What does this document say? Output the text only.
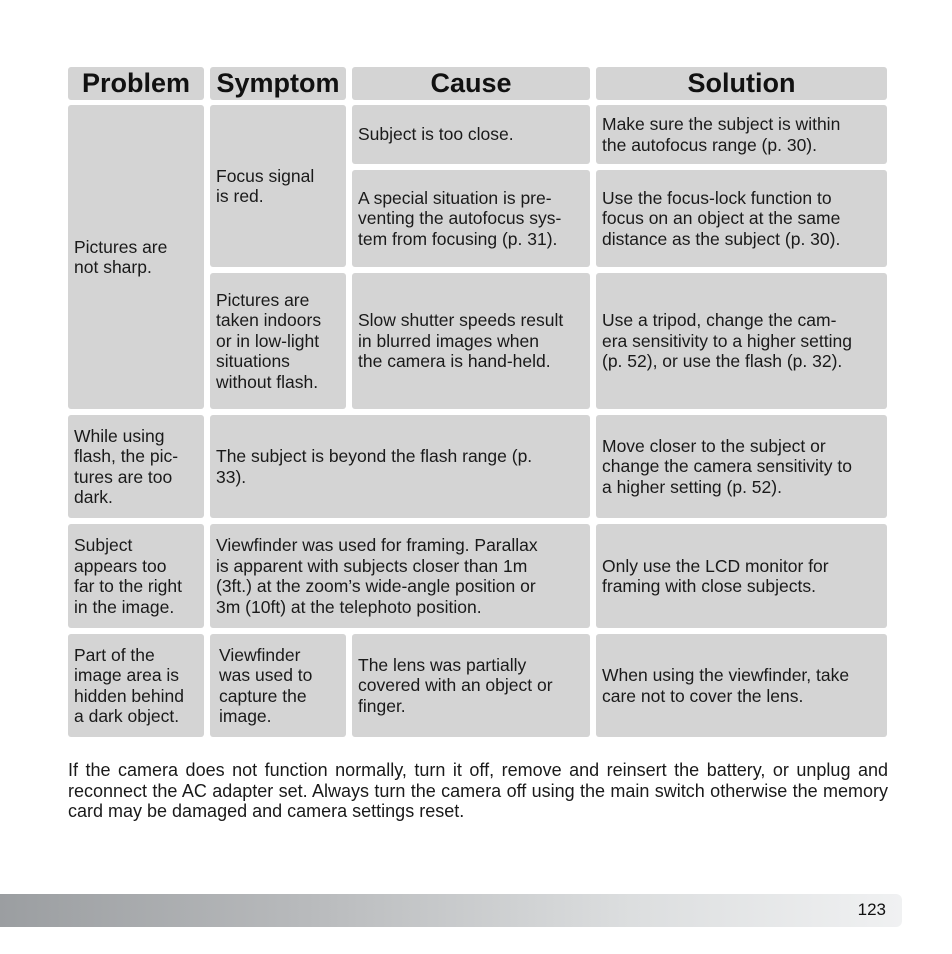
Problem Symptom	Cause	Solution
Pictures are
not sharp.
Focus signal
is red.
Subject is too close.
Make sure the subject is within
the autofocus range (p. 30).
A special situation is pre-
venting the autofocus sys-
tem from focusing (p. 31).
Use the focus-lock function to
focus on an object at the same
distance as the subject (p. 30).
Pictures are
taken indoors
or in low-light
situations
without flash.
Slow shutter speeds result
in blurred images when
the camera is hand-held.
Use a tripod, change the cam-
era sensitivity to a higher setting
(p. 52), or use the flash (p. 32).
While using
flash, the pic-
tures are too
dark.
The subject is beyond the flash range (p.
33).
Move closer to the subject or
change the camera sensitivity to
a higher setting (p. 52).
Subject
appears too
far to the right
in the image.
Viewfinder was used for framing. Parallax
is apparent with subjects closer than 1m
(3ft.) at the zoom’s wide-angle position or
3m (10ft) at the telephoto position.
Only use the LCD monitor for
framing with close subjects.
Part of the
image area is
hidden behind
a dark object.
Viewfinder
was used to
capture the
image.
The lens was partially
covered with an object or
finger.
When using the viewfinder, take
care not to cover the lens.
If the camera does not function normally, turn it off, remove and reinsert the battery, or unplug and reconnect the AC adapter set. Always turn the camera off using the main switch otherwise the memory card may be damaged and camera settings reset.
123
